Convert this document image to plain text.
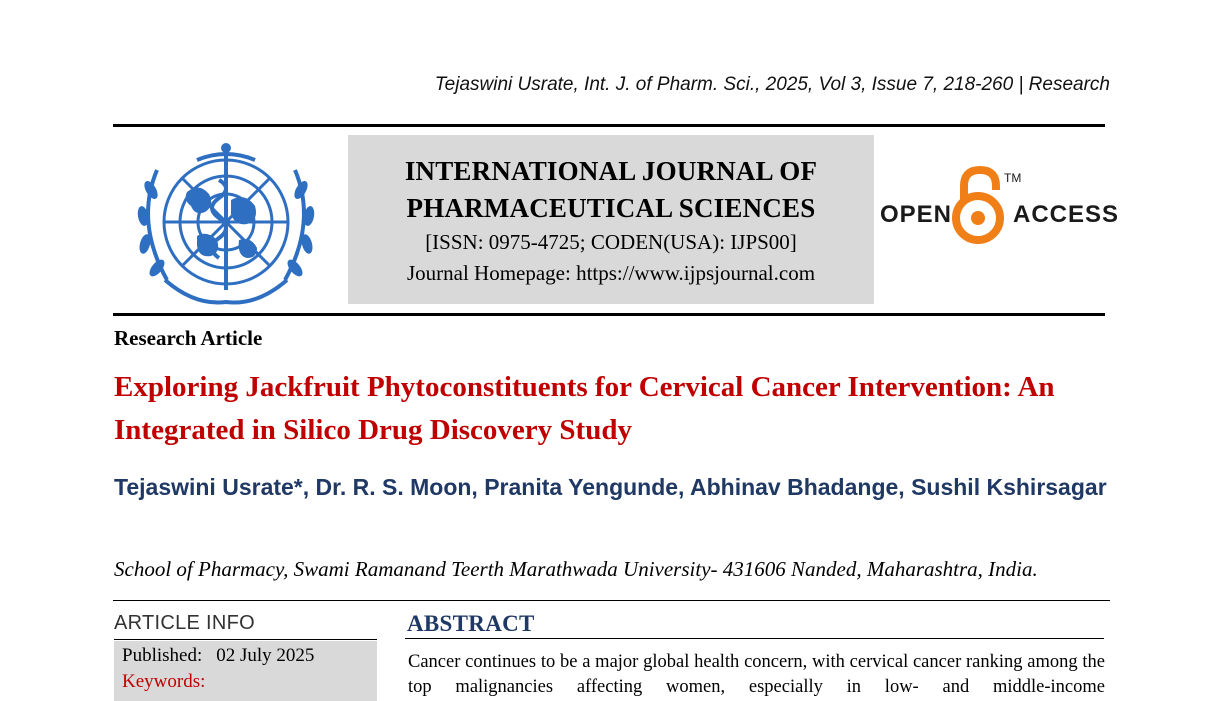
Tejaswini Usrate, Int. J. of Pharm. Sci., 2025, Vol 3, Issue 7, 218-260 | Research
INTERNATIONAL JOURNAL OF PHARMACEUTICAL SCIENCES
[ISSN: 0975-4725; CODEN(USA): IJPS00]
Journal Homepage: https://www.ijpsjournal.com
OPEN
TM
ACCESS
Research Article
Exploring Jackfruit Phytoconstituents for Cervical Cancer Intervention: An Integrated in Silico Drug Discovery Study
Tejaswini Usrate*, Dr. R. S. Moon, Pranita Yengunde, Abhinav Bhadange, Sushil Kshirsagar
School of Pharmacy, Swami Ramanand Teerth Marathwada University- 431606 Nanded, Maharashtra, India.
ARTICLE INFO
Published: 02 July 2025
Keywords:
ABSTRACT
Cancer continues to be a major global health concern, with cervical cancer ranking among the top malignancies affecting women, especially in low- and middle-income
